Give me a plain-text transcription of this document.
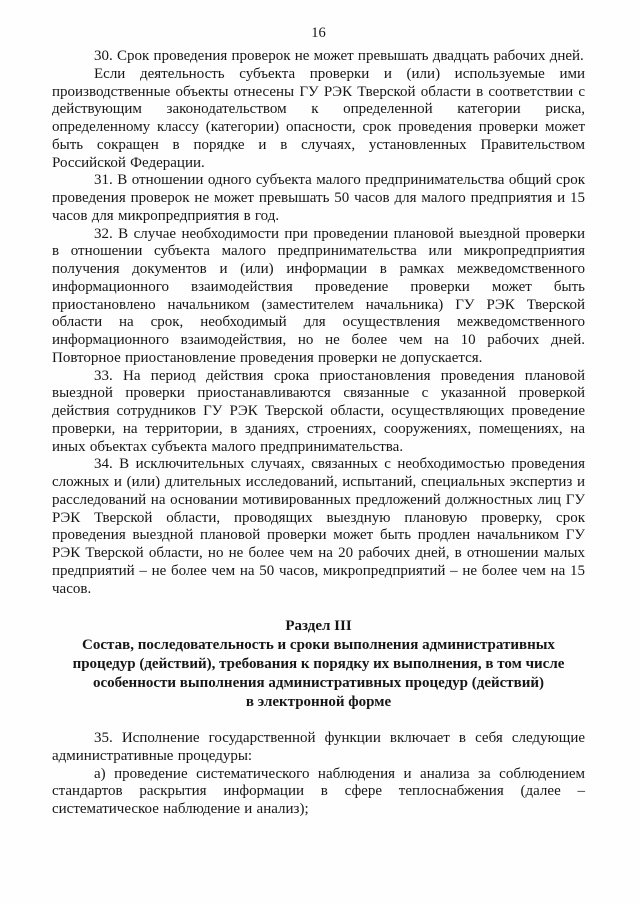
16

30. Срок проведения проверок не может превышать двадцать рабочих дней.

Если деятельность субъекта проверки и (или) используемые ими производственные объекты отнесены ГУ РЭК Тверской области в соответствии с действующим законодательством к определенной категории риска, определенному классу (категории) опасности, срок проведения проверки может быть сокращен в порядке и в случаях, установленных Правительством Российской Федерации.

31. В отношении одного субъекта малого предпринимательства общий срок проведения проверок не может превышать 50 часов для малого предприятия и 15 часов для микропредприятия в год.

32. В случае необходимости при проведении плановой выездной проверки в отношении субъекта малого предпринимательства или микропредприятия получения документов и (или) информации в рамках межведомственного информационного взаимодействия проведение проверки может быть приостановлено начальником (заместителем начальника) ГУ РЭК Тверской области на срок, необходимый для осуществления межведомственного информационного взаимодействия, но не более чем на 10 рабочих дней. Повторное приостановление проведения проверки не допускается.

33. На период действия срока приостановления проведения плановой выездной проверки приостанавливаются связанные с указанной проверкой действия сотрудников ГУ РЭК Тверской области, осуществляющих проведение проверки, на территории, в зданиях, строениях, сооружениях, помещениях, на иных объектах субъекта малого предпринимательства.

34. В исключительных случаях, связанных с необходимостью проведения сложных и (или) длительных исследований, испытаний, специальных экспертиз и расследований на основании мотивированных предложений должностных лиц ГУ РЭК Тверской области, проводящих выездную плановую проверку, срок проведения выездной плановой проверки может быть продлен начальником ГУ РЭК Тверской области, но не более чем на 20 рабочих дней, в отношении малых предприятий – не более чем на 50 часов, микропредприятий – не более чем на 15 часов.

Раздел III
Состав, последовательность и сроки выполнения административных
процедур (действий), требования к порядку их выполнения, в том числе
особенности выполнения административных процедур (действий)
в электронной форме

35. Исполнение государственной функции включает в себя следующие административные процедуры:

а) проведение систематического наблюдения и анализа за соблюдением стандартов раскрытия информации в сфере теплоснабжения (далее – систематическое наблюдение и анализ);
